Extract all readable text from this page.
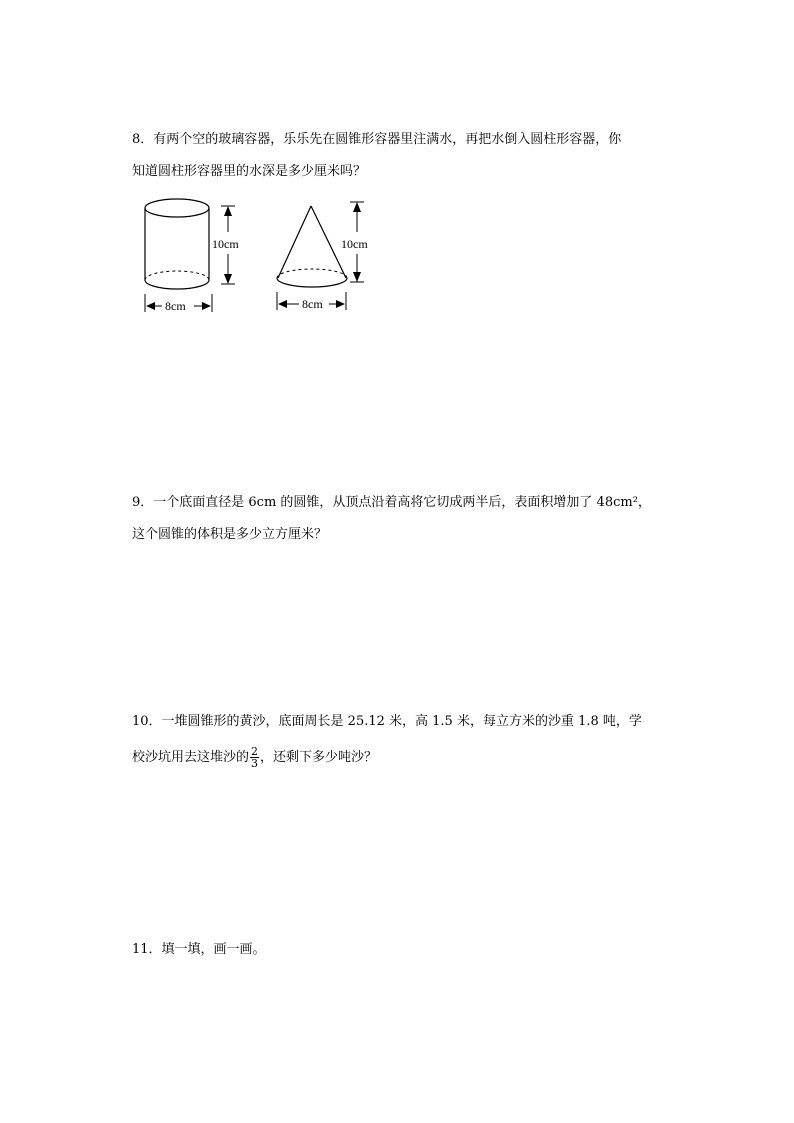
8．有两个空的玻璃容器，乐乐先在圆锥形容器里注满水，再把水倒入圆柱形容器，你
知道圆柱形容器里的水深是多少厘米吗？
10cm
8cm
10cm
8cm
9．一个底面直径是 6cm 的圆锥，从顶点沿着高将它切成两半后，表面积增加了 48cm²，
这个圆锥的体积是多少立方厘米？
10．一堆圆锥形的黄沙，底面周长是 25.12 米，高 1.5 米，每立方米的沙重 1.8 吨，学
校沙坑用去这堆沙的 $\frac{2}{3}$ ，还剩下多少吨沙？
11．填一填，画一画。
